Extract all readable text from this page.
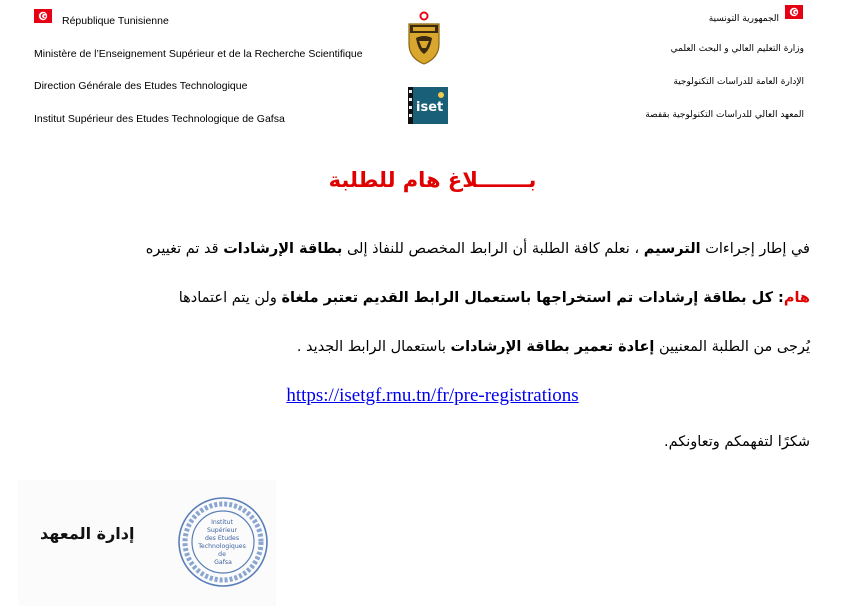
République Tunisienne
Ministère de l’Enseignement Supérieur et de la Recherche Scientifique
Direction Générale des Etudes Technologique
Institut Supérieur des Etudes Technologique de Gafsa
iset
الجمهورية التونسية
وزارة التعليم العالي و البحث العلمي
الإدارة العامة للدراسات التكنولوجية
المعهد العالي للدراسات التكنولوجية بقفصة
بـــــــلاغ هام للطلبة
في إطار إجراءات الترسيم ، نعلم كافة الطلبة أن الرابط المخصص للنفاذ إلى بطاقة الإرشادات قد تم تغييره
هام: كل بطاقة إرشادات تم استخراجها باستعمال الرابط القديم تعتبر ملغاة ولن يتم اعتمادها
يُرجى من الطلبة المعنيين إعادة تعمير بطاقة الإرشادات باستعمال الرابط الجديد .
https://isetgf.rnu.tn/fr/pre-registrations
شكرًا لتفهمكم وتعاونكم.
إدارة المعهد
Institut Supérieur des Etudes Technologiques de Gafsa
